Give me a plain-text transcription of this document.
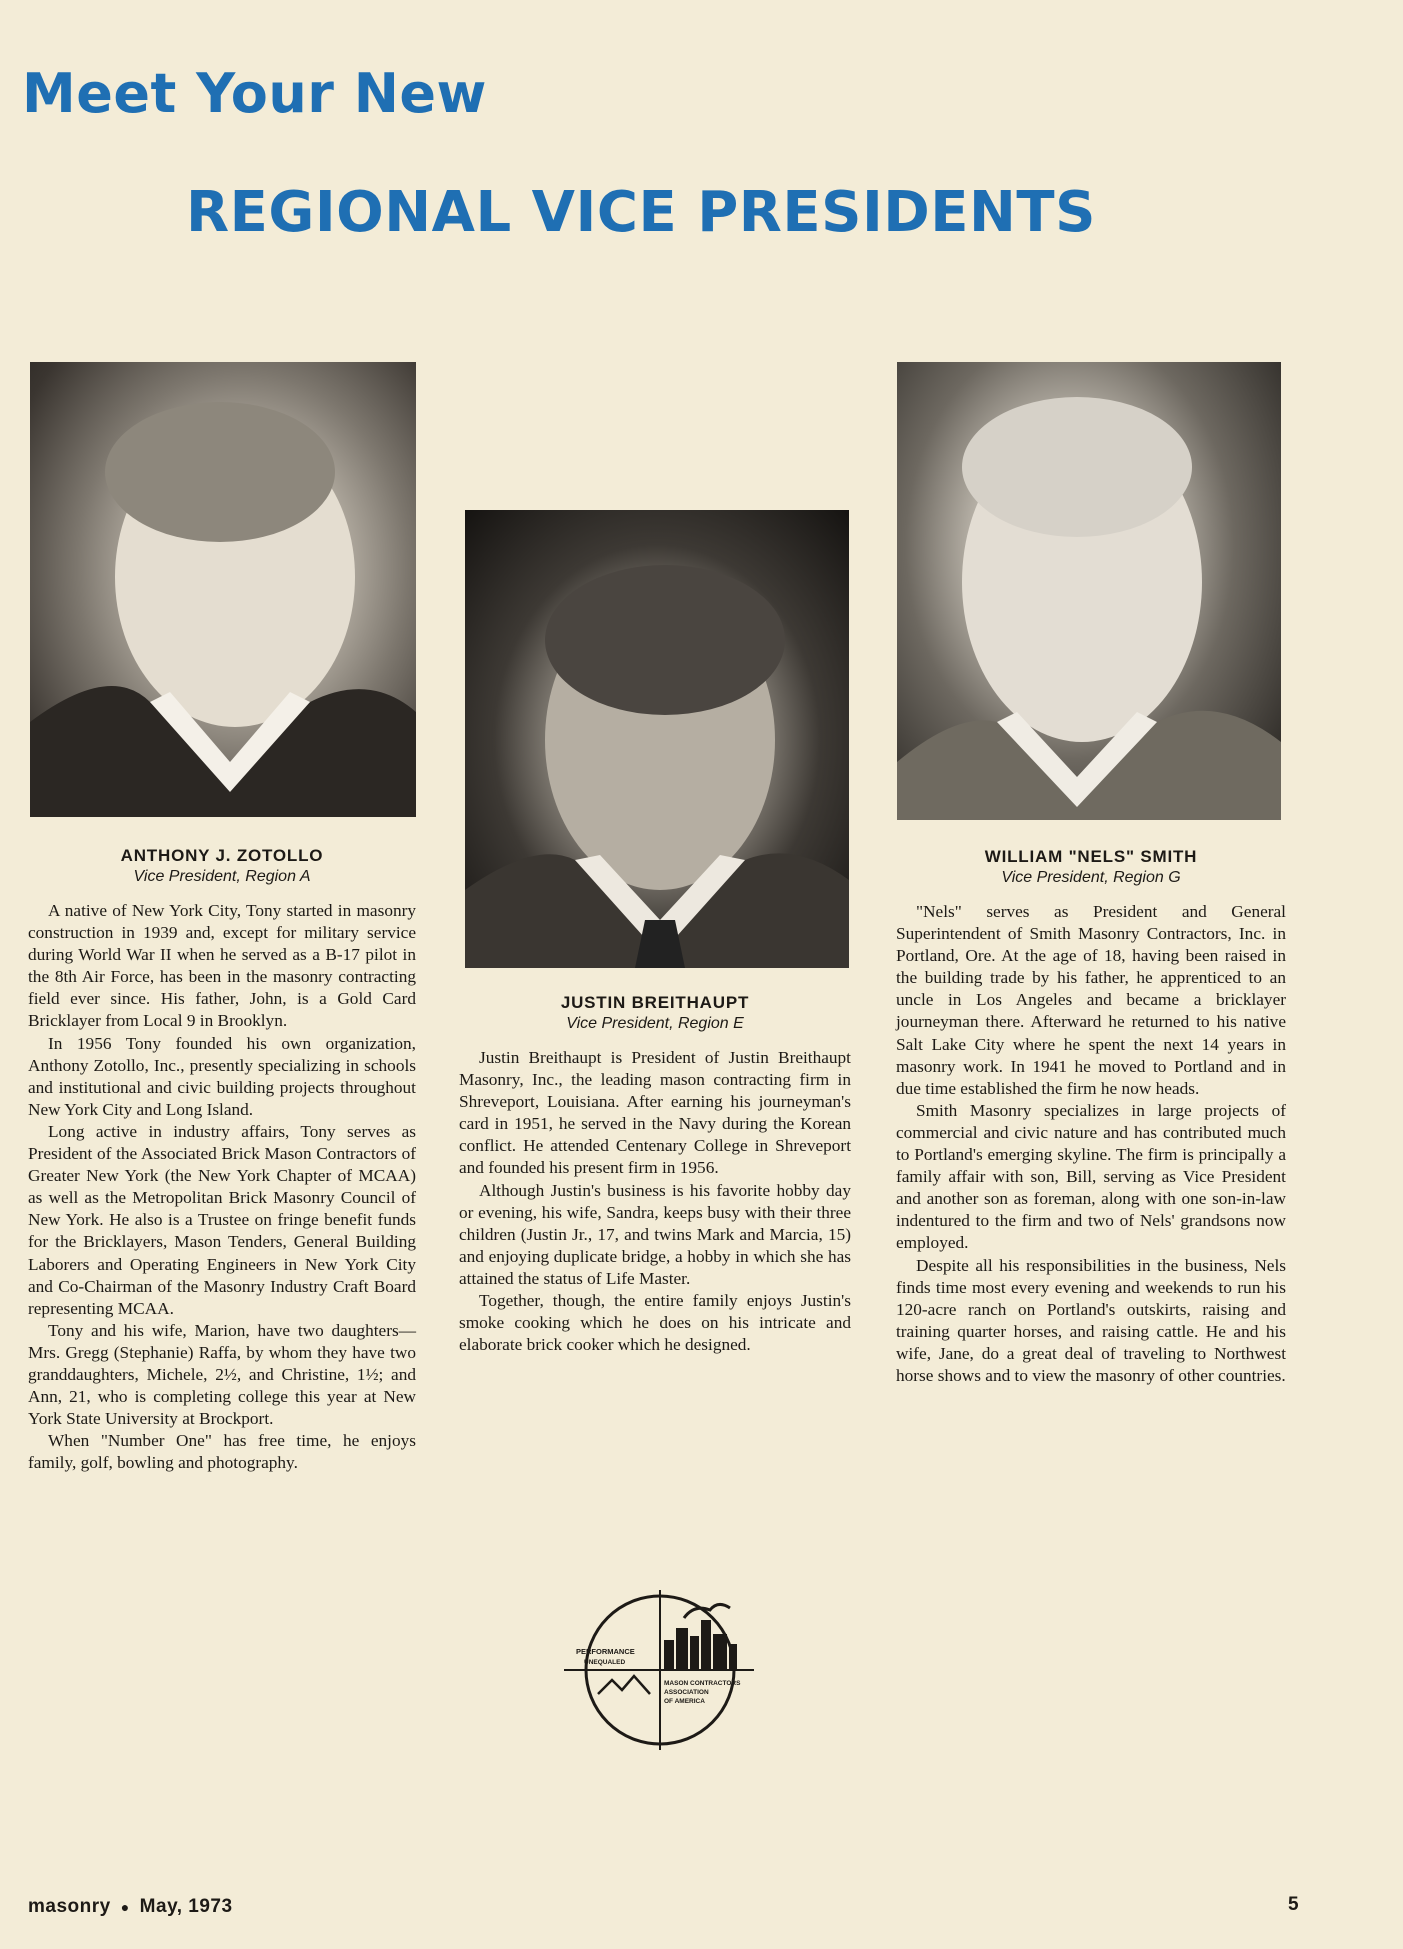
Meet Your New
REGIONAL VICE PRESIDENTS
ANTHONY J. ZOTOLLO
Vice President, Region A

A native of New York City, Tony started in masonry construction in 1939 and, except for military service during World War II when he served as a B-17 pilot in the 8th Air Force, has been in the masonry contracting field ever since. His father, John, is a Gold Card Bricklayer from Local 9 in Brooklyn.

In 1956 Tony founded his own organization, Anthony Zotollo, Inc., presently specializing in schools and institutional and civic building projects throughout New York City and Long Island.

Long active in industry affairs, Tony serves as President of the Associated Brick Mason Contractors of Greater New York (the New York Chapter of MCAA) as well as the Metropolitan Brick Masonry Council of New York. He also is a Trustee on fringe benefit funds for the Bricklayers, Mason Tenders, General Building Laborers and Operating Engineers in New York City and Co-Chairman of the Masonry Industry Craft Board representing MCAA.

Tony and his wife, Marion, have two daughters—Mrs. Gregg (Stephanie) Raffa, by whom they have two granddaughters, Michele, 2½, and Christine, 1½; and Ann, 21, who is completing college this year at New York State University at Brockport.

When "Number One" has free time, he enjoys family, golf, bowling and photography.

JUSTIN BREITHAUPT
Vice President, Region E

Justin Breithaupt is President of Justin Breithaupt Masonry, Inc., the leading mason contracting firm in Shreveport, Louisiana. After earning his journeyman's card in 1951, he served in the Navy during the Korean conflict. He attended Centenary College in Shreveport and founded his present firm in 1956.

Although Justin's business is his favorite hobby day or evening, his wife, Sandra, keeps busy with their three children (Justin Jr., 17, and twins Mark and Marcia, 15) and enjoying duplicate bridge, a hobby in which she has attained the status of Life Master.

Together, though, the entire family enjoys Justin's smoke cooking which he does on his intricate and elaborate brick cooker which he designed.

WILLIAM "NELS" SMITH
Vice President, Region G

"Nels" serves as President and General Superintendent of Smith Masonry Contractors, Inc. in Portland, Ore. At the age of 18, having been raised in the building trade by his father, he apprenticed to an uncle in Los Angeles and became a bricklayer journeyman there. Afterward he returned to his native Salt Lake City where he spent the next 14 years in masonry work. In 1941 he moved to Portland and in due time established the firm he now heads.

Smith Masonry specializes in large projects of commercial and civic nature and has contributed much to Portland's emerging skyline. The firm is principally a family affair with son, Bill, serving as Vice President and another son as foreman, along with one son-in-law indentured to the firm and two of Nels' grandsons now employed.

Despite all his responsibilities in the business, Nels finds time most every evening and weekends to run his 120-acre ranch on Portland's outskirts, raising and training quarter horses, and raising cattle. He and his wife, Jane, do a great deal of traveling to Northwest horse shows and to view the masonry of other countries.

PERFORMANCE
UNEQUALED
MASON CONTRACTORS
ASSOCIATION
OF AMERICA
masonry ● May, 1973	5
